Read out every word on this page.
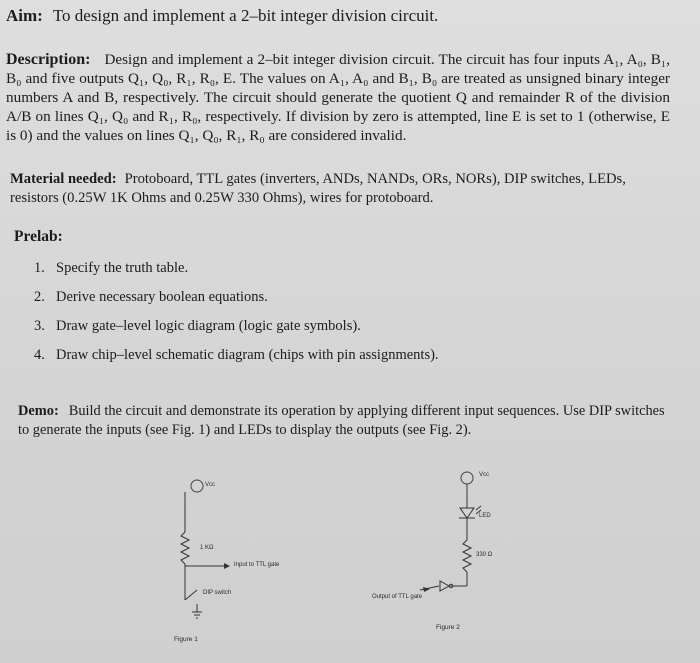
Aim: To design and implement a 2–bit integer division circuit.
Description: Design and implement a 2–bit integer division circuit. The circuit has four inputs A₁, A₀, B₁, B₀ and five outputs Q₁, Q₀, R₁, R₀, E. The values on A₁, A₀ and B₁, B₀ are treated as unsigned binary integer numbers A and B, respectively. The circuit should generate the quotient Q and remainder R of the division A/B on lines Q₁, Q₀ and R₁, R₀, respectively. If division by zero is attempted, line E is set to 1 (otherwise, E is 0) and the values on lines Q₁, Q₀, R₁, R₀ are considered invalid.
Material needed: Protoboard, TTL gates (inverters, ANDs, NANDs, ORs, NORs), DIP switches, LEDs, resistors (0.25W 1K Ohms and 0.25W 330 Ohms), wires for protoboard.
Prelab:
1. Specify the truth table.
2. Derive necessary boolean equations.
3. Draw gate–level logic diagram (logic gate symbols).
4. Draw chip–level schematic diagram (chips with pin assignments).
Demo: Build the circuit and demonstrate its operation by applying different input sequences. Use DIP switches to generate the inputs (see Fig. 1) and LEDs to display the outputs (see Fig. 2).
Vcc
1 KΩ
Input to TTL gate
DIP switch
Figure 1
Vcc
LED
330 Ω
Output of TTL gate
Figure 2
